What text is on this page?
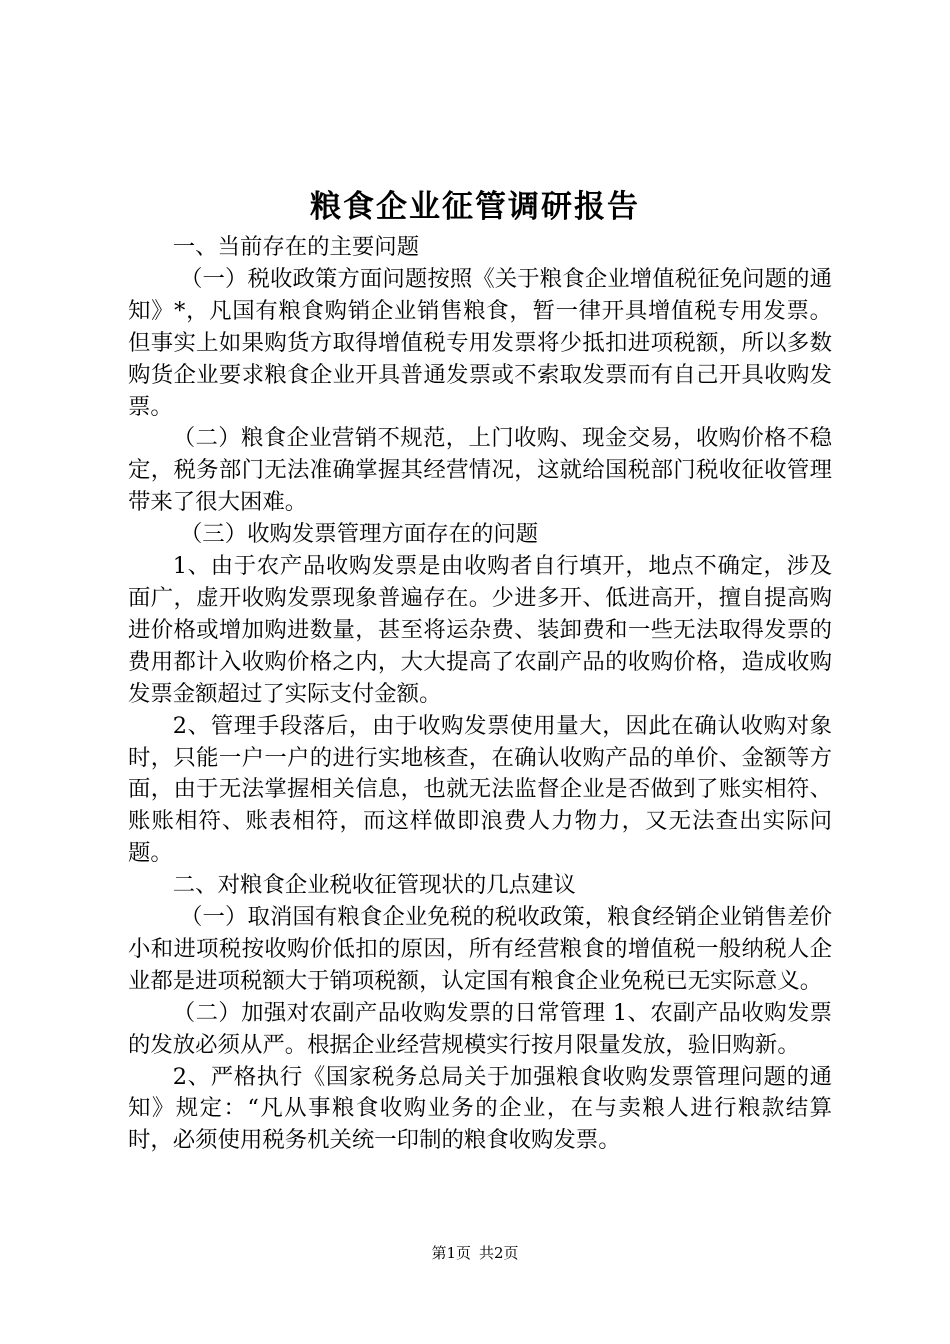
粮食企业征管调研报告

一、当前存在的主要问题

（一）税收政策方面问题按照《关于粮食企业增值税征免问题的通知》*，凡国有粮食购销企业销售粮食，暂一律开具增值税专用发票。但事实上如果购货方取得增值税专用发票将少抵扣进项税额，所以多数购货企业要求粮食企业开具普通发票或不索取发票而有自己开具收购发票。

（二）粮食企业营销不规范，上门收购、现金交易，收购价格不稳定，税务部门无法准确掌握其经营情况，这就给国税部门税收征收管理带来了很大困难。

（三）收购发票管理方面存在的问题

1、由于农产品收购发票是由收购者自行填开，地点不确定，涉及面广，虚开收购发票现象普遍存在。少进多开、低进高开，擅自提高购进价格或增加购进数量，甚至将运杂费、装卸费和一些无法取得发票的费用都计入收购价格之内，大大提高了农副产品的收购价格，造成收购发票金额超过了实际支付金额。

2、管理手段落后，由于收购发票使用量大，因此在确认收购对象时，只能一户一户的进行实地核查，在确认收购产品的单价、金额等方面，由于无法掌握相关信息，也就无法监督企业是否做到了账实相符、账账相符、账表相符，而这样做即浪费人力物力，又无法查出实际问题。

二、对粮食企业税收征管现状的几点建议

（一）取消国有粮食企业免税的税收政策，粮食经销企业销售差价小和进项税按收购价低扣的原因，所有经营粮食的增值税一般纳税人企业都是进项税额大于销项税额，认定国有粮食企业免税已无实际意义。

（二）加强对农副产品收购发票的日常管理 1、农副产品收购发票的发放必须从严。根据企业经营规模实行按月限量发放，验旧购新。

2、严格执行《国家税务总局关于加强粮食收购发票管理问题的通知》规定：“凡从事粮食收购业务的企业，在与卖粮人进行粮款结算时，必须使用税务机关统一印制的粮食收购发票。

第1页 共2页
